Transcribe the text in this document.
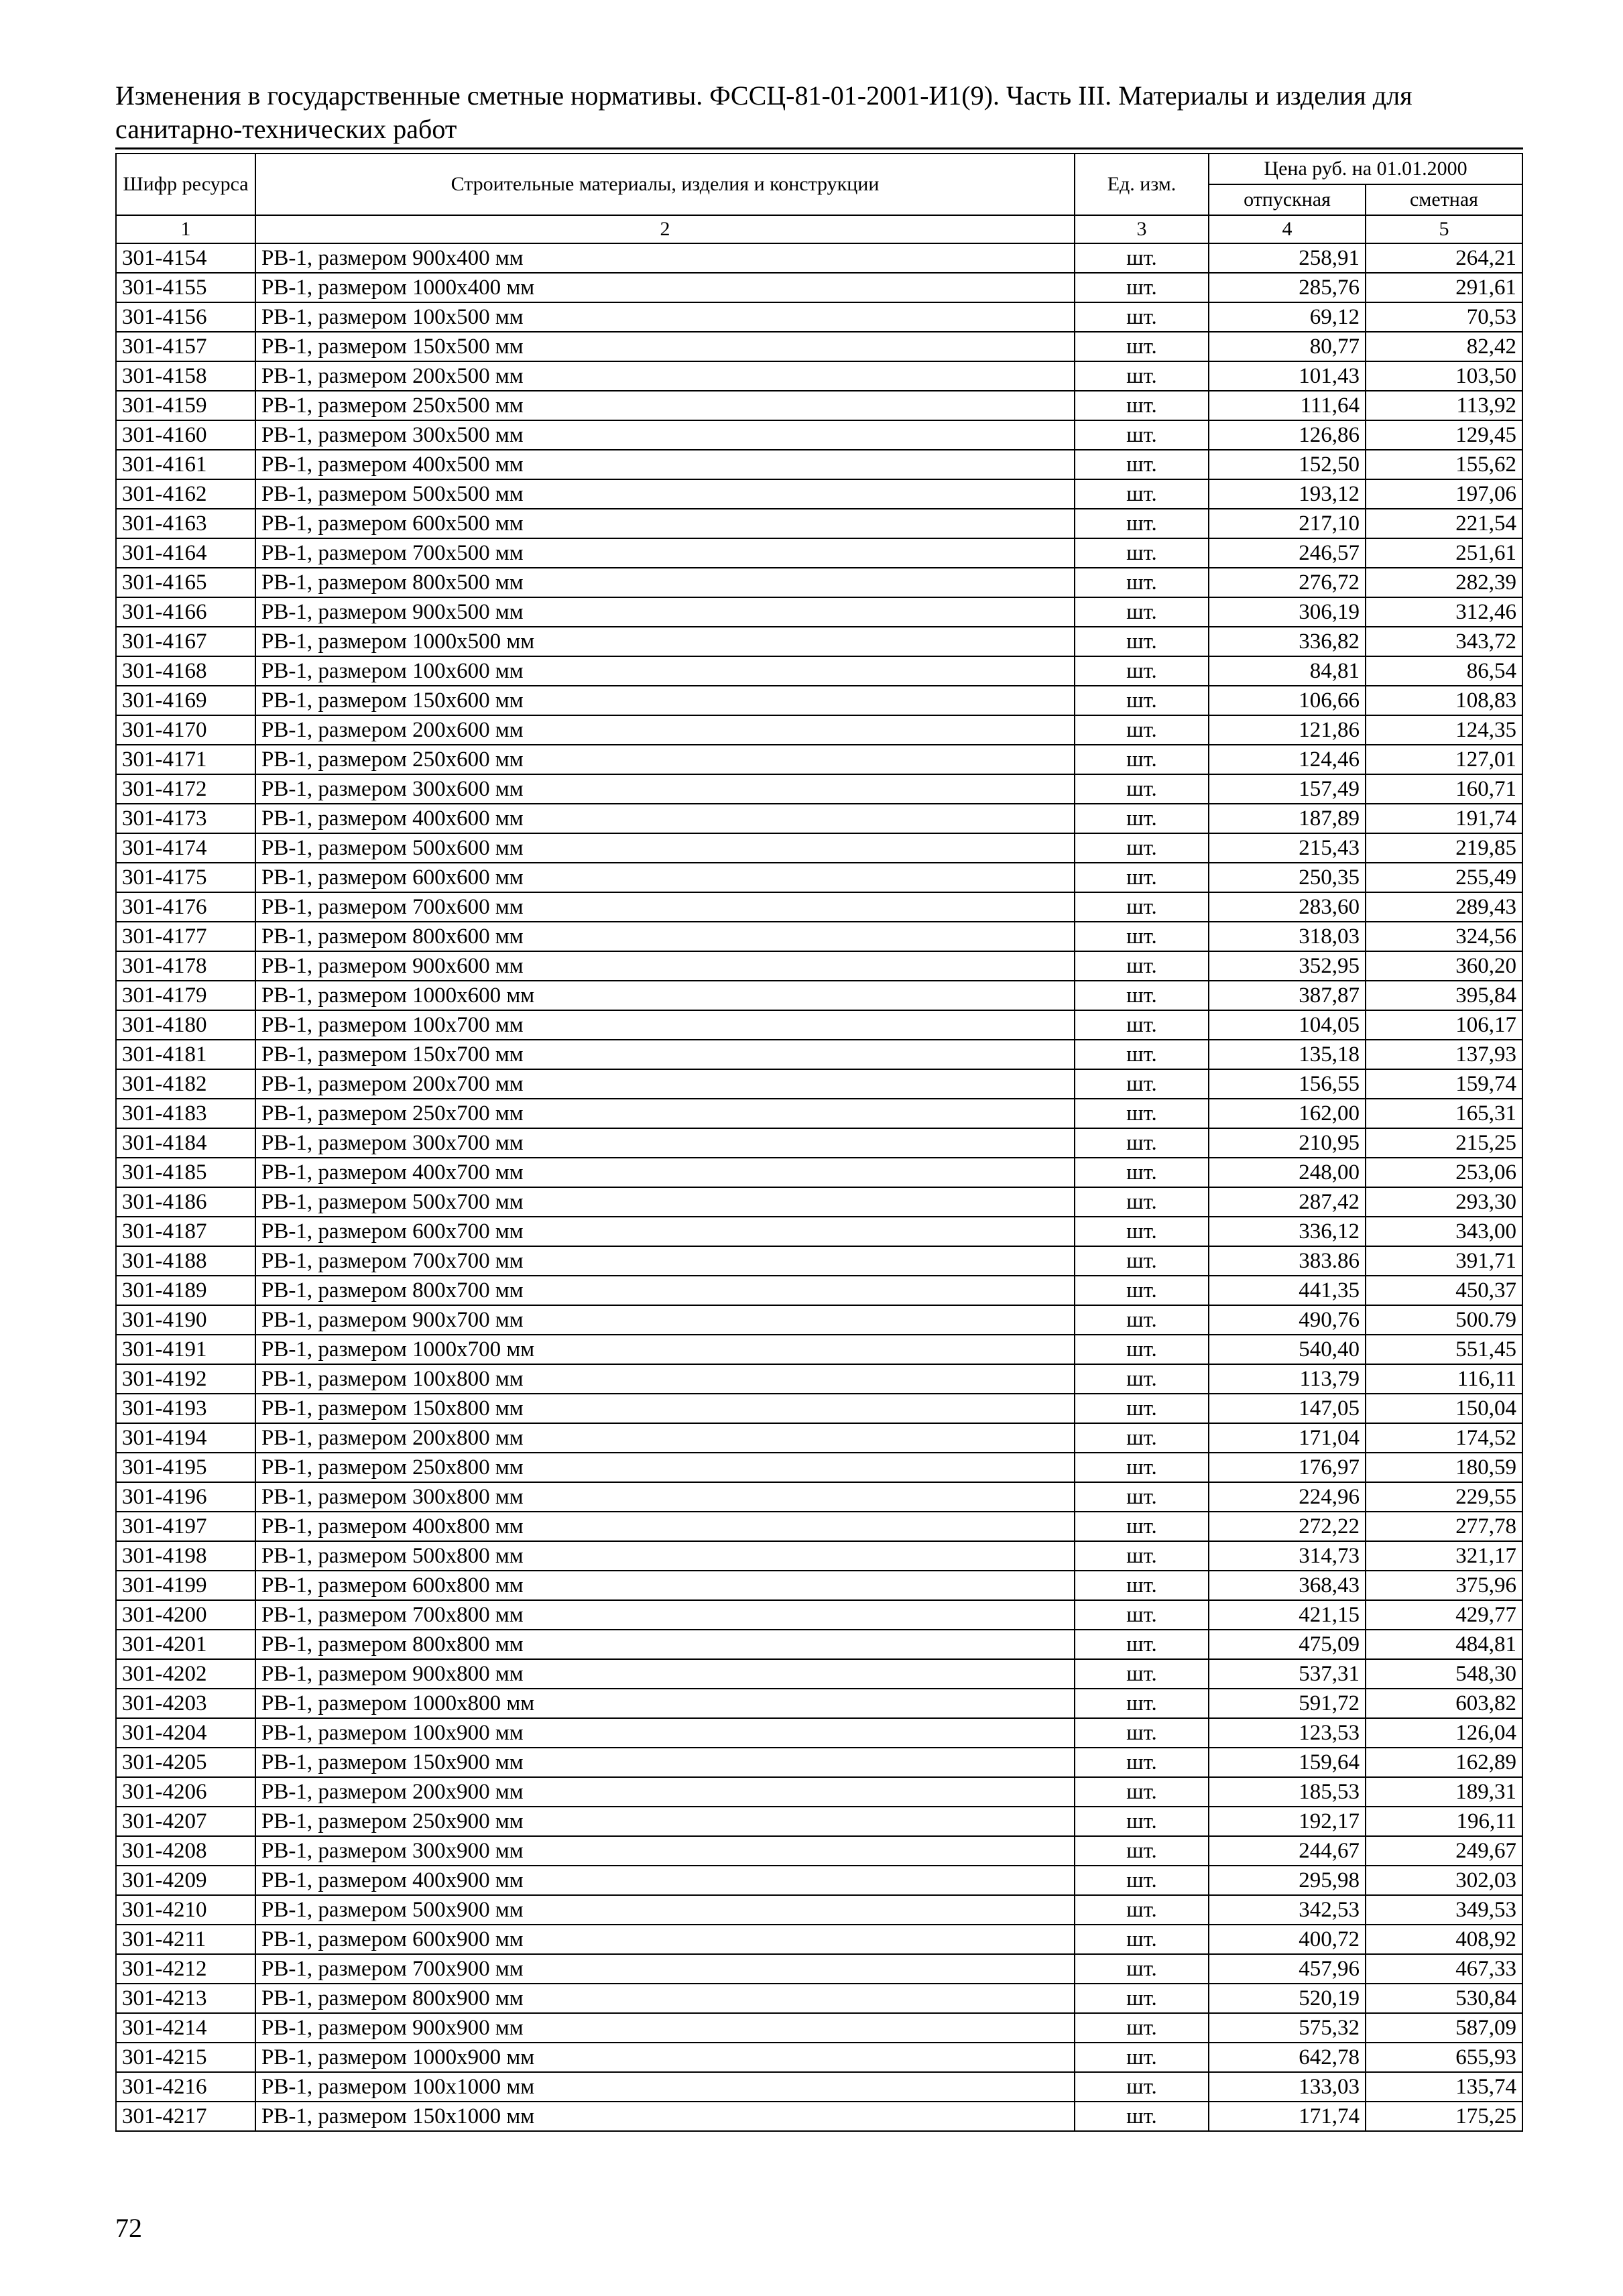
Изменения в государственные сметные нормативы. ФССЦ-81-01-2001-И1(9). Часть III. Материалы и изделия для

санитарно-технических работ
Шифр ресурса	Строительные материалы, изделия и конструкции	Ед. изм.	Цена руб. на 01.01.2000	
			отпускная	сметная
1	2	3	4	5
301-4154	РВ-1, размером 900х400 мм	шт.	258,91	264,21
301-4155	РВ-1, размером 1000х400 мм	шт.	285,76	291,61
301-4156	РВ-1, размером 100х500 мм	шт.	69,12	70,53
301-4157	РВ-1, размером 150х500 мм	шт.	80,77	82,42
301-4158	РВ-1, размером 200х500 мм	шт.	101,43	103,50
301-4159	РВ-1, размером 250х500 мм	шт.	111,64	113,92
301-4160	РВ-1, размером 300х500 мм	шт.	126,86	129,45
301-4161	РВ-1, размером 400х500 мм	шт.	152,50	155,62
301-4162	РВ-1, размером 500х500 мм	шт.	193,12	197,06
301-4163	РВ-1, размером 600х500 мм	шт.	217,10	221,54
301-4164	РВ-1, размером 700х500 мм	шт.	246,57	251,61
301-4165	РВ-1, размером 800х500 мм	шт.	276,72	282,39
301-4166	РВ-1, размером 900х500 мм	шт.	306,19	312,46
301-4167	РВ-1, размером 1000х500 мм	шт.	336,82	343,72
301-4168	РВ-1, размером 100х600 мм	шт.	84,81	86,54
301-4169	РВ-1, размером 150х600 мм	шт.	106,66	108,83
301-4170	РВ-1, размером 200х600 мм	шт.	121,86	124,35
301-4171	РВ-1, размером 250х600 мм	шт.	124,46	127,01
301-4172	РВ-1, размером 300х600 мм	шт.	157,49	160,71
301-4173	РВ-1, размером 400х600 мм	шт.	187,89	191,74
301-4174	РВ-1, размером 500х600 мм	шт.	215,43	219,85
301-4175	РВ-1, размером 600х600 мм	шт.	250,35	255,49
301-4176	РВ-1, размером 700х600 мм	шт.	283,60	289,43
301-4177	РВ-1, размером 800х600 мм	шт.	318,03	324,56
301-4178	РВ-1, размером 900х600 мм	шт.	352,95	360,20
301-4179	РВ-1, размером 1000х600 мм	шт.	387,87	395,84
301-4180	РВ-1, размером 100х700 мм	шт.	104,05	106,17
301-4181	РВ-1, размером 150х700 мм	шт.	135,18	137,93
301-4182	РВ-1, размером 200х700 мм	шт.	156,55	159,74
301-4183	РВ-1, размером 250х700 мм	шт.	162,00	165,31
301-4184	РВ-1, размером 300х700 мм	шт.	210,95	215,25
301-4185	РВ-1, размером 400х700 мм	шт.	248,00	253,06
301-4186	РВ-1, размером 500х700 мм	шт.	287,42	293,30
301-4187	РВ-1, размером 600х700 мм	шт.	336,12	343,00
301-4188	РВ-1, размером 700х700 мм	шт.	383.86	391,71
301-4189	РВ-1, размером 800х700 мм	шт.	441,35	450,37
301-4190	РВ-1, размером 900х700 мм	шт.	490,76	500.79
301-4191	РВ-1, размером 1000х700 мм	шт.	540,40	551,45
301-4192	РВ-1, размером 100х800 мм	шт.	113,79	116,11
301-4193	РВ-1, размером 150х800 мм	шт.	147,05	150,04
301-4194	РВ-1, размером 200х800 мм	шт.	171,04	174,52
301-4195	РВ-1, размером 250х800 мм	шт.	176,97	180,59
301-4196	РВ-1, размером 300х800 мм	шт.	224,96	229,55
301-4197	РВ-1, размером 400х800 мм	шт.	272,22	277,78
301-4198	РВ-1, размером 500х800 мм	шт.	314,73	321,17
301-4199	РВ-1, размером 600х800 мм	шт.	368,43	375,96
301-4200	РВ-1, размером 700х800 мм	шт.	421,15	429,77
301-4201	РВ-1, размером 800х800 мм	шт.	475,09	484,81
301-4202	РВ-1, размером 900х800 мм	шт.	537,31	548,30
301-4203	РВ-1, размером 1000х800 мм	шт.	591,72	603,82
301-4204	РВ-1, размером 100х900 мм	шт.	123,53	126,04
301-4205	РВ-1, размером 150х900 мм	шт.	159,64	162,89
301-4206	РВ-1, размером 200х900 мм	шт.	185,53	189,31
301-4207	РВ-1, размером 250х900 мм	шт.	192,17	196,11
301-4208	РВ-1, размером 300х900 мм	шт.	244,67	249,67
301-4209	РВ-1, размером 400х900 мм	шт.	295,98	302,03
301-4210	РВ-1, размером 500х900 мм	шт.	342,53	349,53
301-4211	РВ-1, размером 600х900 мм	шт.	400,72	408,92
301-4212	РВ-1, размером 700х900 мм	шт.	457,96	467,33
301-4213	РВ-1, размером 800х900 мм	шт.	520,19	530,84
301-4214	РВ-1, размером 900х900 мм	шт.	575,32	587,09
301-4215	РВ-1, размером 1000х900 мм	шт.	642,78	655,93
301-4216	РВ-1, размером 100х1000 мм	шт.	133,03	135,74
301-4217	РВ-1, размером 150х1000 мм	шт.	171,74	175,25
72
